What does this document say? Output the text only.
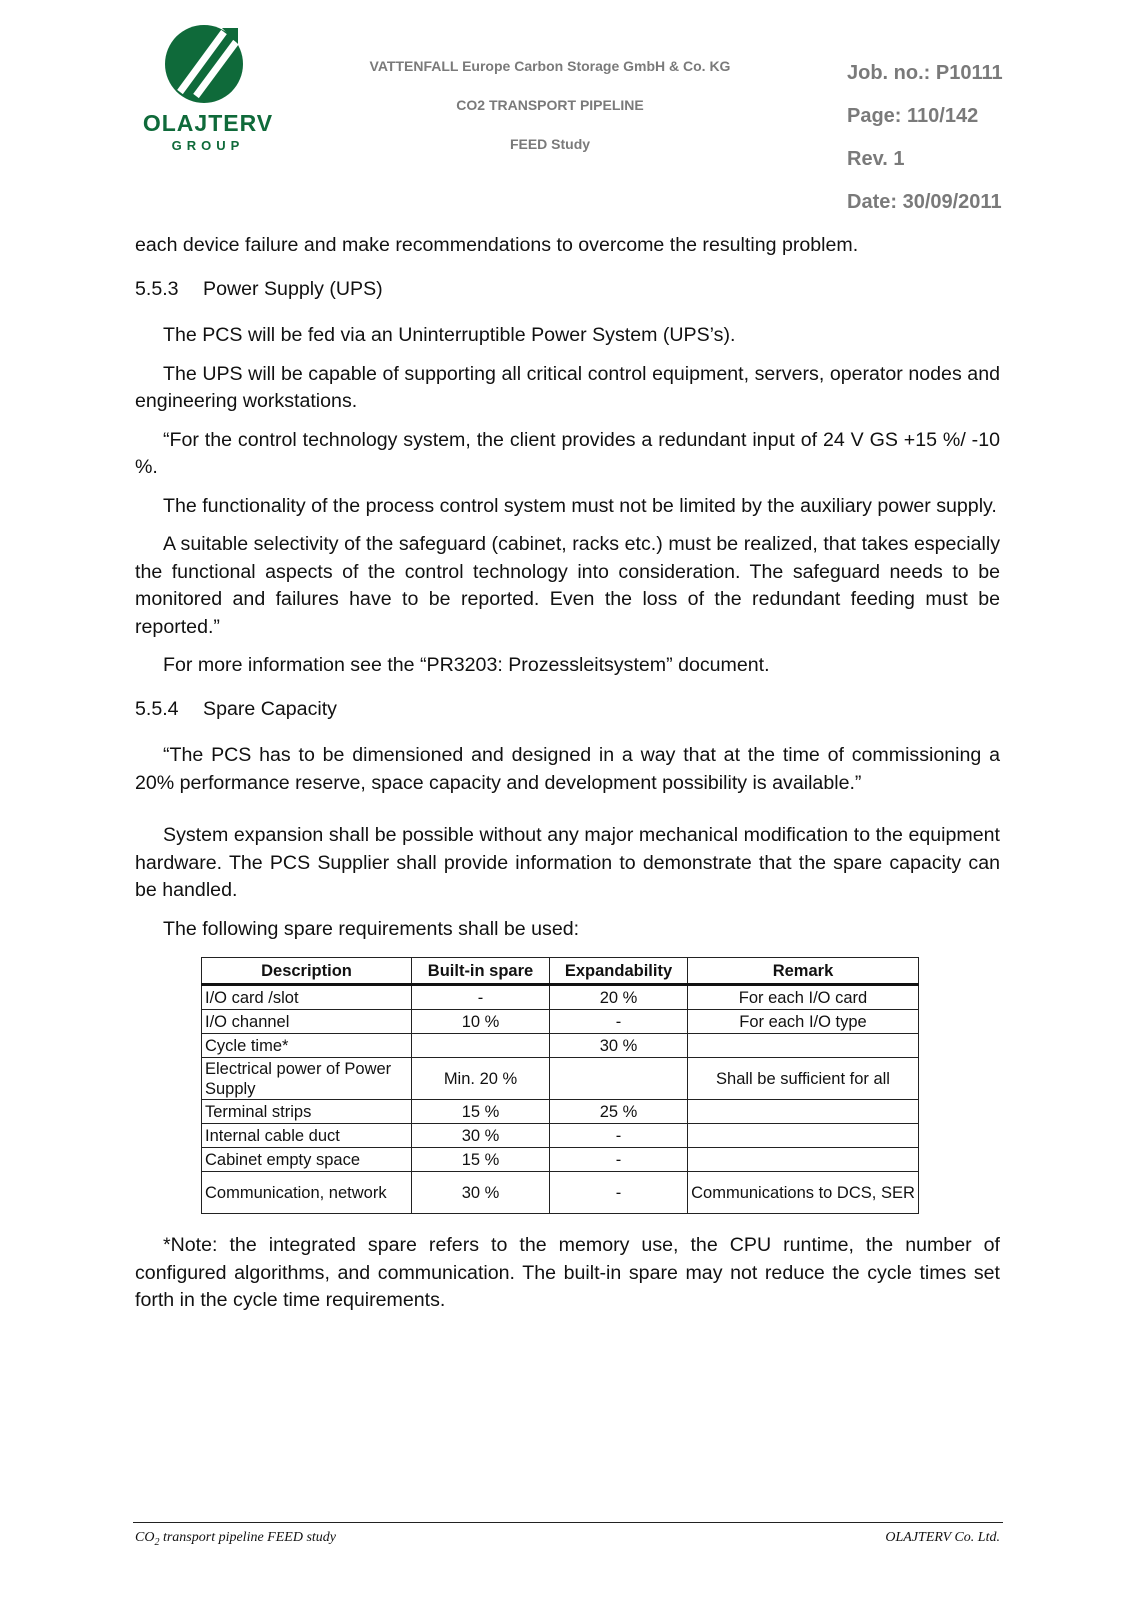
OLAJTERV
GROUP
VATTENFALL Europe Carbon Storage GmbH & Co. KG
CO2 TRANSPORT PIPELINE
FEED Study
Job. no.: P10111
Page: 110/142
Rev. 1
Date: 30/09/2011

each device failure and make recommendations to overcome the resulting problem.

5.5.3 Power Supply (UPS)

The PCS will be fed via an Uninterruptible Power System (UPS’s).

The UPS will be capable of supporting all critical control equipment, servers, operator nodes and engineering workstations.

“For the control technology system, the client provides a redundant input of 24 V GS +15 %/ -10 %.

The functionality of the process control system must not be limited by the auxiliary power supply.

A suitable selectivity of the safeguard (cabinet, racks etc.) must be realized, that takes especially the functional aspects of the control technology into consideration. The safeguard needs to be monitored and failures have to be reported. Even the loss of the redundant feeding must be reported.”

For more information see the “PR3203: Prozessleitsystem” document.

5.5.4 Spare Capacity

“The PCS has to be dimensioned and designed in a way that at the time of commissioning a 20% performance reserve, space capacity and development possibility is available.”

System expansion shall be possible without any major mechanical modification to the equipment hardware. The PCS Supplier shall provide information to demonstrate that the spare capacity can be handled.

The following spare requirements shall be used:

Description	Built-in spare	Expandability	Remark
I/O card /slot	-	20 %	For each I/O card
I/O channel	10 %	-	For each I/O type
Cycle time*		30 %	
Electrical power of Power Supply	Min. 20 %		Shall be sufficient for all
Terminal strips	15 %	25 %	
Internal cable duct	30 %	-	
Cabinet empty space	15 %	-	
Communication, network	30 %	-	Communications to DCS, SER

*Note: the integrated spare refers to the memory use, the CPU runtime, the number of configured algorithms, and communication. The built-in spare may not reduce the cycle times set forth in the cycle time requirements.

$CO_2$ transport pipeline FEED study	OLAJTERV Co. Ltd.
